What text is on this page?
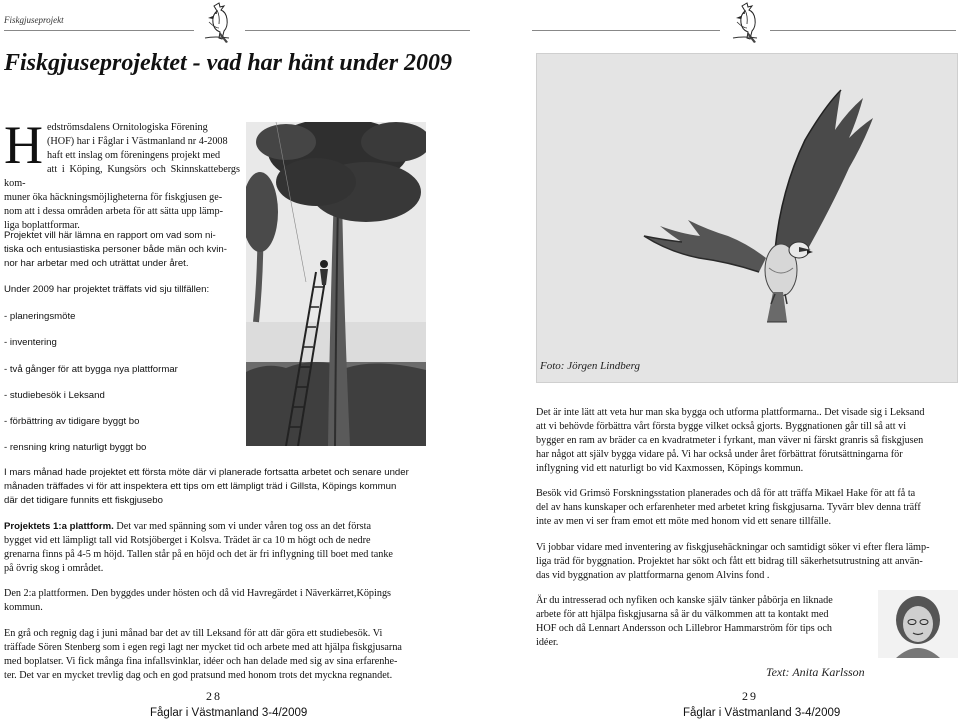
Fiskgjuseprojekt
Fiskgjuseprojektet - vad har hänt under 2009
H edströmsdalens Ornitologiska Förening
(HOF) har i Fåglar i Västmanland nr 4-2008
haft ett inslag om föreningens projekt med
att i Köping, Kungsörs och Skinnskattebergs kom-
muner öka häckningsmöjligheterna för fiskgjusen ge-
nom att i dessa områden arbeta för att sätta upp lämp-
liga boplattformar.
Projektet vill här lämna en rapport om vad som ni-
tiska och entusiastiska personer både män och kvin-
nor har arbetar med och uträttat under året.
Under 2009 har projektet träffats vid sju tillfällen:
- planeringsmöte
- inventering
- två gånger för att bygga nya plattformar
- studiebesök i Leksand
- förbättring av tidigare byggt bo
- rensning kring naturligt byggt bo
I mars månad hade projektet ett första möte där vi planerade fortsatta arbetet och senare under
månaden träffades vi för att inspektera ett tips om ett lämpligt träd i Gillsta, Köpings kommun
där det tidigare funnits ett fiskgjusebo
Projektets 1:a plattform. Det var med spänning som vi under våren tog oss an det första
bygget vid ett lämpligt tall vid Rotsjöberget i Kolsva. Trädet är ca 10 m högt och de nedre
grenarna finns på 4-5 m höjd. Tallen står på en höjd och det är fri inflygning till boet med tanke
på övrig skog i området.
Den 2:a plattformen. Den byggdes under hösten och då vid Havregärdet i Näverkärret,Köpings
kommun.
En grå och regnig dag i juni månad bar det av till Leksand för att där göra ett studiebesök. Vi
träffade Sören Stenberg som i egen regi lagt ner mycket tid och arbete med att hjälpa fiskgjusarna
med boplatser. Vi fick många fina infallsvinklar, idéer och han delade med sig av sina erfarenhe-
ter. Det var en mycket trevlig dag och en god pratsund med honom trots det myckna regnandet.
28
Fåglar i Västmanland 3-4/2009
Foto: Jörgen Lindberg
Det är inte lätt att veta hur man ska bygga och utforma plattformarna.. Det visade sig i Leksand
att vi behövde förbättra vårt första bygge vilket också gjorts. Byggnationen går till så att vi
bygger en ram av bräder ca en kvadratmeter i fyrkant, man väver ni färskt granris så fiskgjusen
har något att själv bygga vidare på. Vi har också under året förbättrat förutsättningarna för
inflygning vid ett naturligt bo vid Kaxmossen, Köpings kommun.
Besök vid Grimsö Forskningsstation planerades och då för att träffa Mikael Hake för att få ta
del av hans kunskaper och erfarenheter med arbetet kring fiskgjusarna. Tyvärr blev denna träff
inte av men vi ser fram emot ett möte med honom vid ett senare tillfälle.
Vi jobbar vidare med inventering av fiskgjusehäckningar och samtidigt söker vi efter flera lämp-
liga träd för byggnation. Projektet har sökt och fått ett bidrag till säkerhetsutrustning att använ-
das vid byggnation av plattformarna genom Alvins fond .
Är du intresserad och nyfiken och kanske själv tänker påbörja en liknade
arbete för att hjälpa fiskgjusarna så är du välkommen att ta kontakt med
HOF och då Lennart Andersson och Lillebror Hammarström för tips och
idéer.
Text: Anita Karlsson
29
Fåglar i Västmanland 3-4/2009
